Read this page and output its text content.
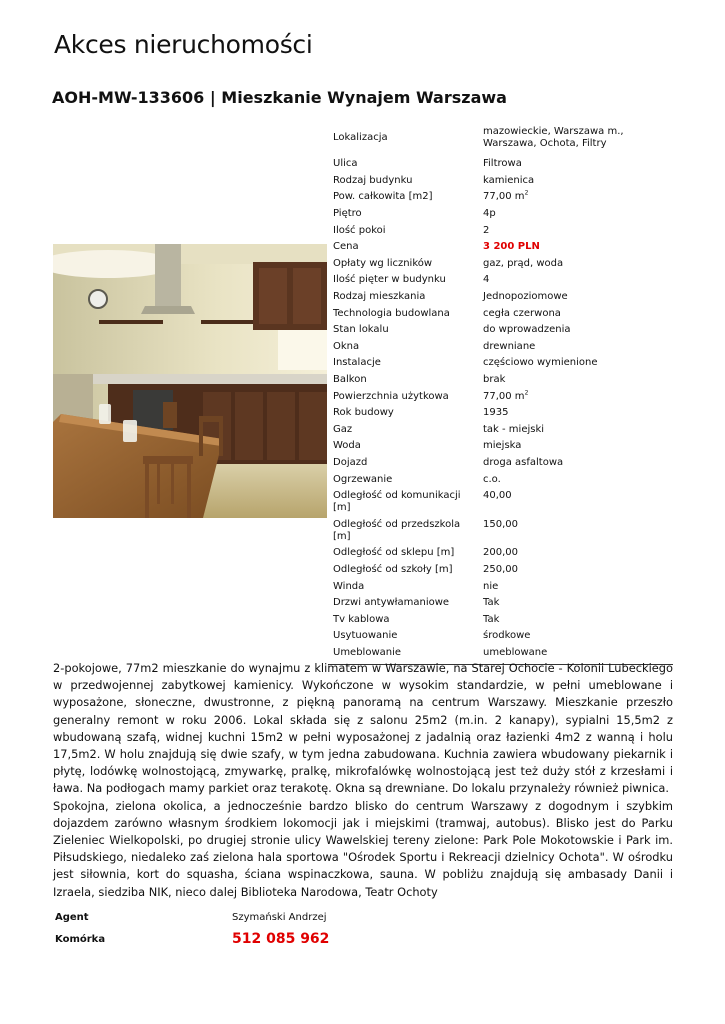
Akces nieruchomości
AOH-MW-133606 | Mieszkanie Wynajem Warszawa
Lokalizacja	mazowieckie, Warszawa m., Warszawa, Ochota, Filtry
Ulica	Filtrowa
Rodzaj budynku	kamienica
Pow. całkowita [m2]	77,00 $m^2$
Piętro	4p
Ilość pokoi	2
Cena	3 200 PLN
Opłaty wg liczników	gaz, prąd, woda
Ilość pięter w budynku	4
Rodzaj mieszkania	Jednopoziomowe
Technologia budowlana	cegła czerwona
Stan lokalu	do wprowadzenia
Okna	drewniane
Instalacje	częściowo wymienione
Balkon	brak
Powierzchnia użytkowa	77,00 $m^2$
Rok budowy	1935
Gaz	tak - miejski
Woda	miejska
Dojazd	droga asfaltowa
Ogrzewanie	c.o.
Odległość od komunikacji [m]	40,00
Odległość od przedszkola [m]	150,00
Odległość od sklepu [m]	200,00
Odległość od szkoły [m]	250,00
Winda	nie
Drzwi antywłamaniowe	Tak
Tv kablowa	Tak
Usytuowanie	środkowe
Umeblowanie	umeblowane

2-pokojowe, 77m2 mieszkanie do wynajmu z klimatem w Warszawie, na Starej Ochocie - Kolonii Lubeckiego w przedwojennej zabytkowej kamienicy. Wykończone w wysokim standardzie, w pełni umeblowane i wyposażone, słoneczne, dwustronne, z piękną panoramą na centrum Warszawy. Mieszkanie przeszło generalny remont w roku 2006. Lokal składa się z salonu 25m2 (m.in. 2 kanapy), sypialni 15,5m2 z wbudowaną szafą, widnej kuchni 15m2 w pełni wyposażonej z jadalnią oraz łazienki 4m2 z wanną i holu 17,5m2. W holu znajdują się dwie szafy, w tym jedna zabudowana. Kuchnia zawiera wbudowany piekarnik i płytę, lodówkę wolnostojącą, zmywarkę, pralkę, mikrofalówkę wolnostojącą jest też duży stół z krzesłami i ława. Na podłogach mamy parkiet oraz terakotę. Okna są drewniane. Do lokalu przynależy również piwnica.

Spokojna, zielona okolica, a jednocześnie bardzo blisko do centrum Warszawy z dogodnym i szybkim dojazdem zarówno własnym środkiem lokomocji jak i miejskimi (tramwaj, autobus). Blisko jest do Parku Zieleniec Wielkopolski, po drugiej stronie ulicy Wawelskiej tereny zielone: Park Pole Mokotowskie i Park im. Piłsudskiego, niedaleko zaś zielona hala sportowa "Ośrodek Sportu i Rekreacji dzielnicy Ochota". W ośrodku jest siłownia, kort do squasha, ściana wspinaczkowa, sauna. W pobliżu znajdują się ambasady Danii i Izraela, siedziba NIK, nieco dalej Biblioteka Narodowa, Teatr Ochoty

Agent	Szymański Andrzej
Komórka	512 085 962
